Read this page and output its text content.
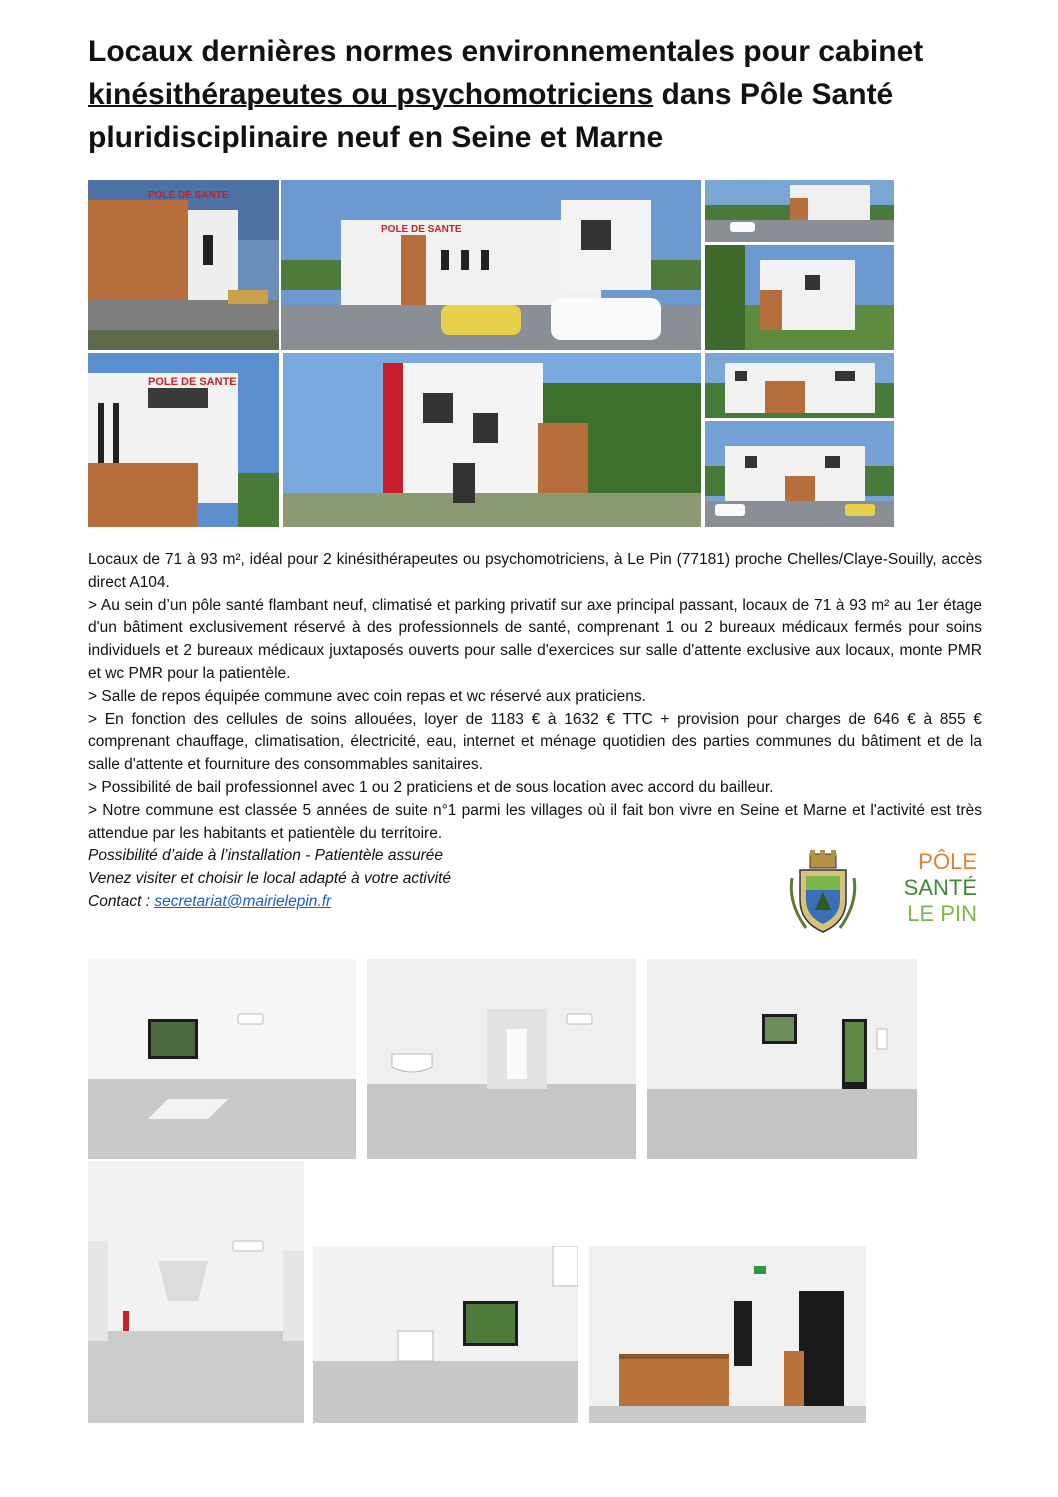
Locaux dernières normes environnementales pour cabinet
kinésithérapeutes ou psychomotriciens dans Pôle Santé
pluridisciplinaire neuf en Seine et Marne
POLE DE SANTE
POLE DE SANTE
POLE DE SANTE

Locaux de 71 à 93 m², idéal pour 2 kinésithérapeutes ou psychomotriciens, à Le Pin (77181) proche Chelles/Claye-Souilly, accès direct A104.

> Au sein d’un pôle santé flambant neuf, climatisé et parking privatif sur axe principal passant, locaux de 71 à 93 m² au 1er étage d'un bâtiment exclusivement réservé à des professionnels de santé, comprenant 1 ou 2 bureaux médicaux fermés pour soins individuels et 2 bureaux médicaux juxtaposés ouverts pour salle d'exercices sur salle d'attente exclusive aux locaux, monte PMR et wc PMR pour la patientèle.

> Salle de repos équipée commune avec coin repas et wc réservé aux praticiens.

> En fonction des cellules de soins allouées, loyer de 1183 € à 1632 € TTC + provision pour charges de 646 € à 855 € comprenant chauffage, climatisation, électricité, eau, internet et ménage quotidien des parties communes du bâtiment et de la salle d'attente et fourniture des consommables sanitaires.

> Possibilité de bail professionnel avec 1 ou 2 praticiens et de sous location avec accord du bailleur.

> Notre commune est classée 5 années de suite n°1 parmi les villages où il fait bon vivre en Seine et Marne et l'activité est très attendue par les habitants et patientèle du territoire.

Possibilité d’aide à l’installation - Patientèle assurée

Venez visiter et choisir le local adapté à votre activité

Contact : secretariat@mairielepin.fr

PÔLE
SANTÉ
LE PIN
